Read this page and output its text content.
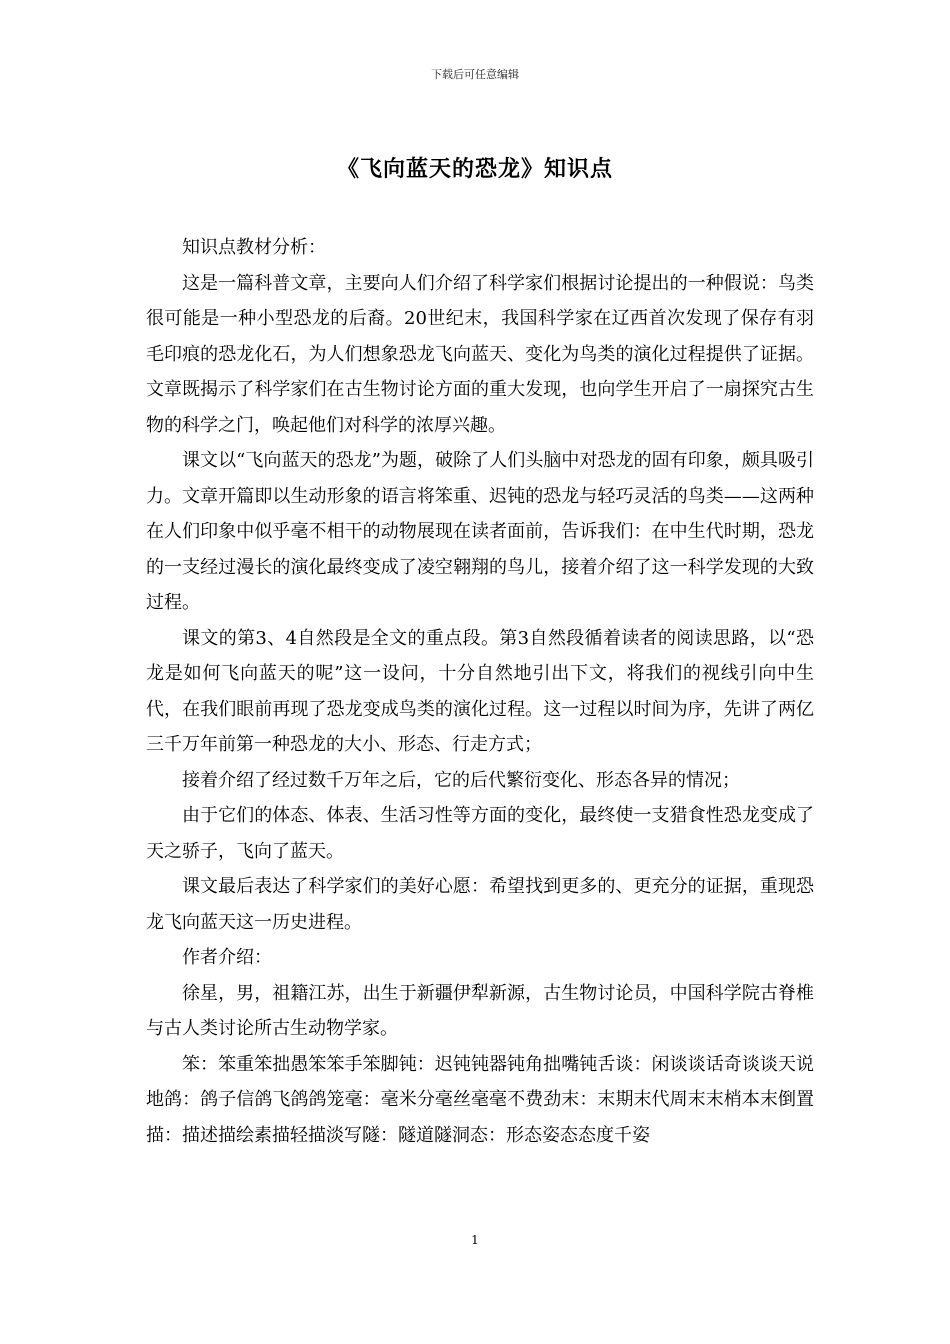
下载后可任意编辑
《飞向蓝天的恐龙》知识点

知识点教材分析：

这是一篇科普文章，主要向人们介绍了科学家们根据讨论提出的一种假说：鸟类很可能是一种小型恐龙的后裔。20世纪末，我国科学家在辽西首次发现了保存有羽毛印痕的恐龙化石，为人们想象恐龙飞向蓝天、变化为鸟类的演化过程提供了证据。文章既揭示了科学家们在古生物讨论方面的重大发现，也向学生开启了一扇探究古生物的科学之门，唤起他们对科学的浓厚兴趣。

课文以“飞向蓝天的恐龙”为题，破除了人们头脑中对恐龙的固有印象，颇具吸引力。文章开篇即以生动形象的语言将笨重、迟钝的恐龙与轻巧灵活的鸟类——这两种在人们印象中似乎毫不相干的动物展现在读者面前，告诉我们：在中生代时期，恐龙的一支经过漫长的演化最终变成了凌空翱翔的鸟儿，接着介绍了这一科学发现的大致过程。

课文的第3、4自然段是全文的重点段。第3自然段循着读者的阅读思路，以“恐龙是如何飞向蓝天的呢”这一设问，十分自然地引出下文，将我们的视线引向中生代，在我们眼前再现了恐龙变成鸟类的演化过程。这一过程以时间为序，先讲了两亿三千万年前第一种恐龙的大小、形态、行走方式；

接着介绍了经过数千万年之后，它的后代繁衍变化、形态各异的情况；

由于它们的体态、体表、生活习性等方面的变化，最终使一支猎食性恐龙变成了天之骄子，飞向了蓝天。

课文最后表达了科学家们的美好心愿：希望找到更多的、更充分的证据，重现恐龙飞向蓝天这一历史进程。

作者介绍：

徐星，男，祖籍江苏，出生于新疆伊犁新源，古生物讨论员，中国科学院古脊椎与古人类讨论所古生动物学家。

笨：笨重笨拙愚笨笨手笨脚钝：迟钝钝器钝角拙嘴钝舌谈：闲谈谈话奇谈谈天说地鸽：鸽子信鸽飞鸽鸽笼毫：毫米分毫丝毫毫不费劲末：末期末代周末末梢本末倒置描：描述描绘素描轻描淡写隧：隧道隧洞态：形态姿态态度千姿

1
